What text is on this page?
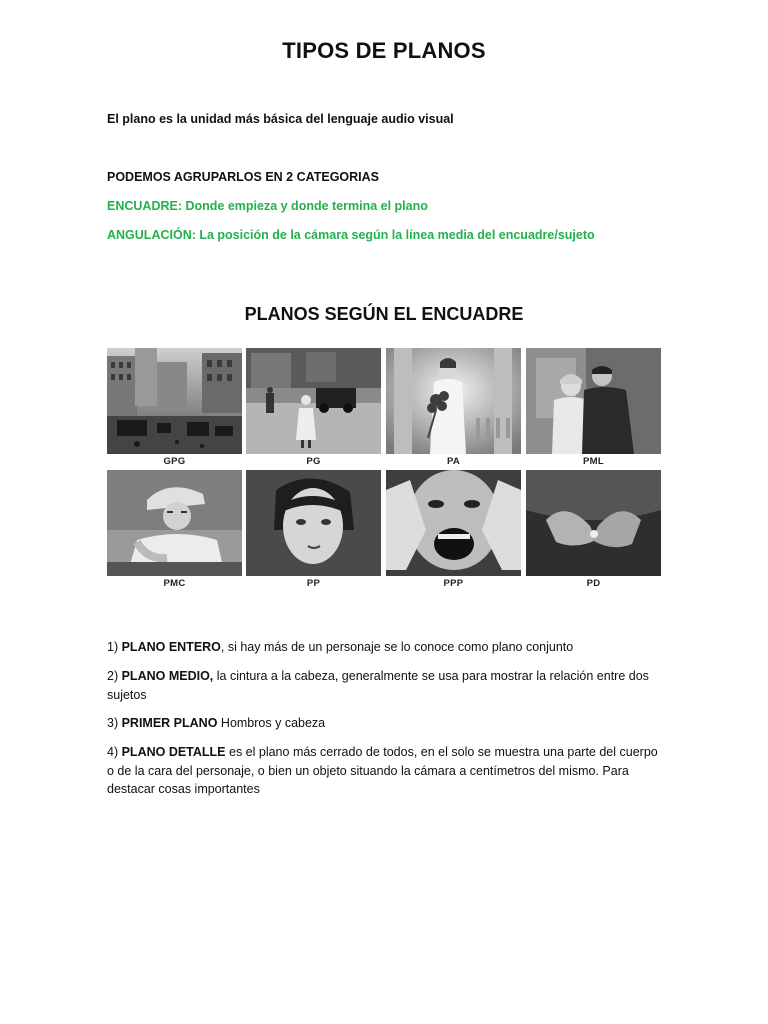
TIPOS DE PLANOS
El plano es la unidad más básica del lenguaje audio visual
PODEMOS AGRUPARLOS EN 2 CATEGORIAS
ENCUADRE: Donde empieza y donde termina el plano
ANGULACIÓN: La posición de la cámara según la línea media del encuadre/sujeto
PLANOS SEGÚN EL ENCUADRE
GPG	PG	PA	PML
PMC	PP	PPP	PD
1) PLANO ENTERO, si hay más de un personaje se lo conoce como plano conjunto
2) PLANO MEDIO, la cintura a la cabeza, generalmente se usa para mostrar la relación entre dos sujetos
3) PRIMER PLANO Hombros y cabeza
4) PLANO DETALLE es el plano más cerrado de todos, en el solo se muestra una parte del cuerpo o de la cara del personaje, o bien un objeto situando la cámara a centímetros del mismo. Para destacar cosas importantes
